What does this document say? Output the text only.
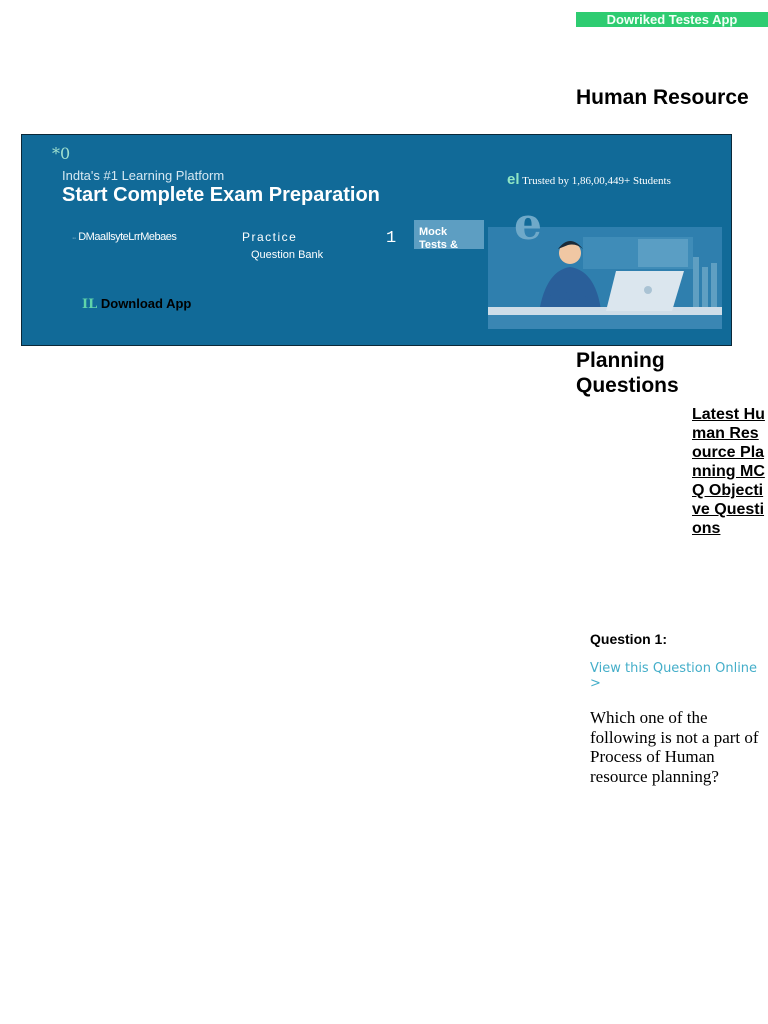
Dowriked Testes App
Human Resource
*0
Indta's #1 Learning Platform
Start Complete Exam Preparation
el Trusted by 1,86,00,449+ Students
·· DMaaIlsyteLrrMebaes	Practice
Question Bank
1 Mock
Tests &
IL Download App
e
Planning Questions
Latest Human Resource Planning MCQ Objective Questions
Question 1:
View this Question Online >
Which one of the following is not a part of Process of Human resource planning?
